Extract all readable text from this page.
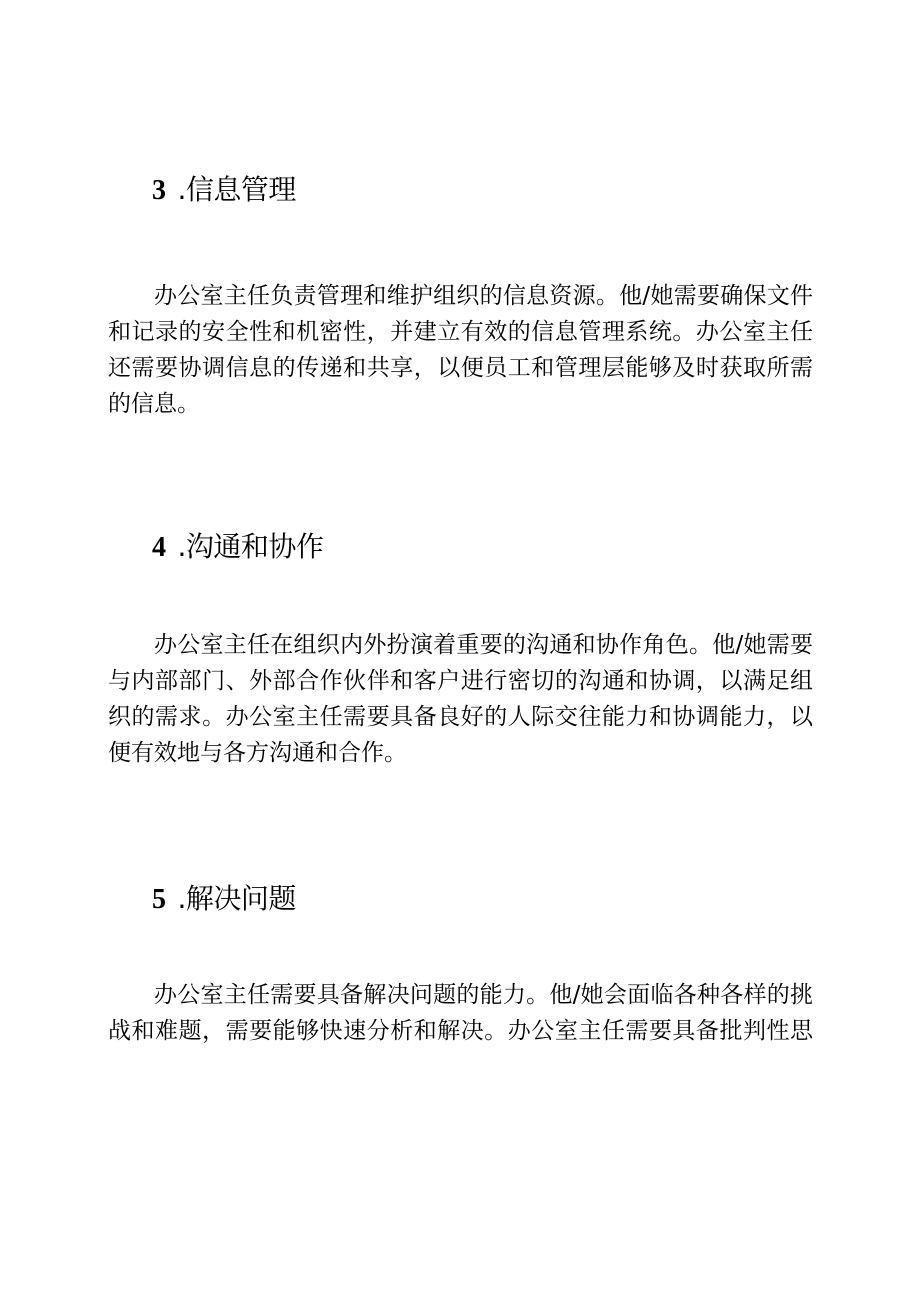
3 .信息管理
办公室主任负责管理和维护组织的信息资源。他/她需要确保文件
和记录的安全性和机密性，并建立有效的信息管理系统。办公室主任
还需要协调信息的传递和共享，以便员工和管理层能够及时获取所需
的信息。
4 .沟通和协作
办公室主任在组织内外扮演着重要的沟通和协作角色。他/她需要
与内部部门、外部合作伙伴和客户进行密切的沟通和协调，以满足组
织的需求。办公室主任需要具备良好的人际交往能力和协调能力，以
便有效地与各方沟通和合作。
5 .解决问题
办公室主任需要具备解决问题的能力。他/她会面临各种各样的挑
战和难题，需要能够快速分析和解决。办公室主任需要具备批判性思
